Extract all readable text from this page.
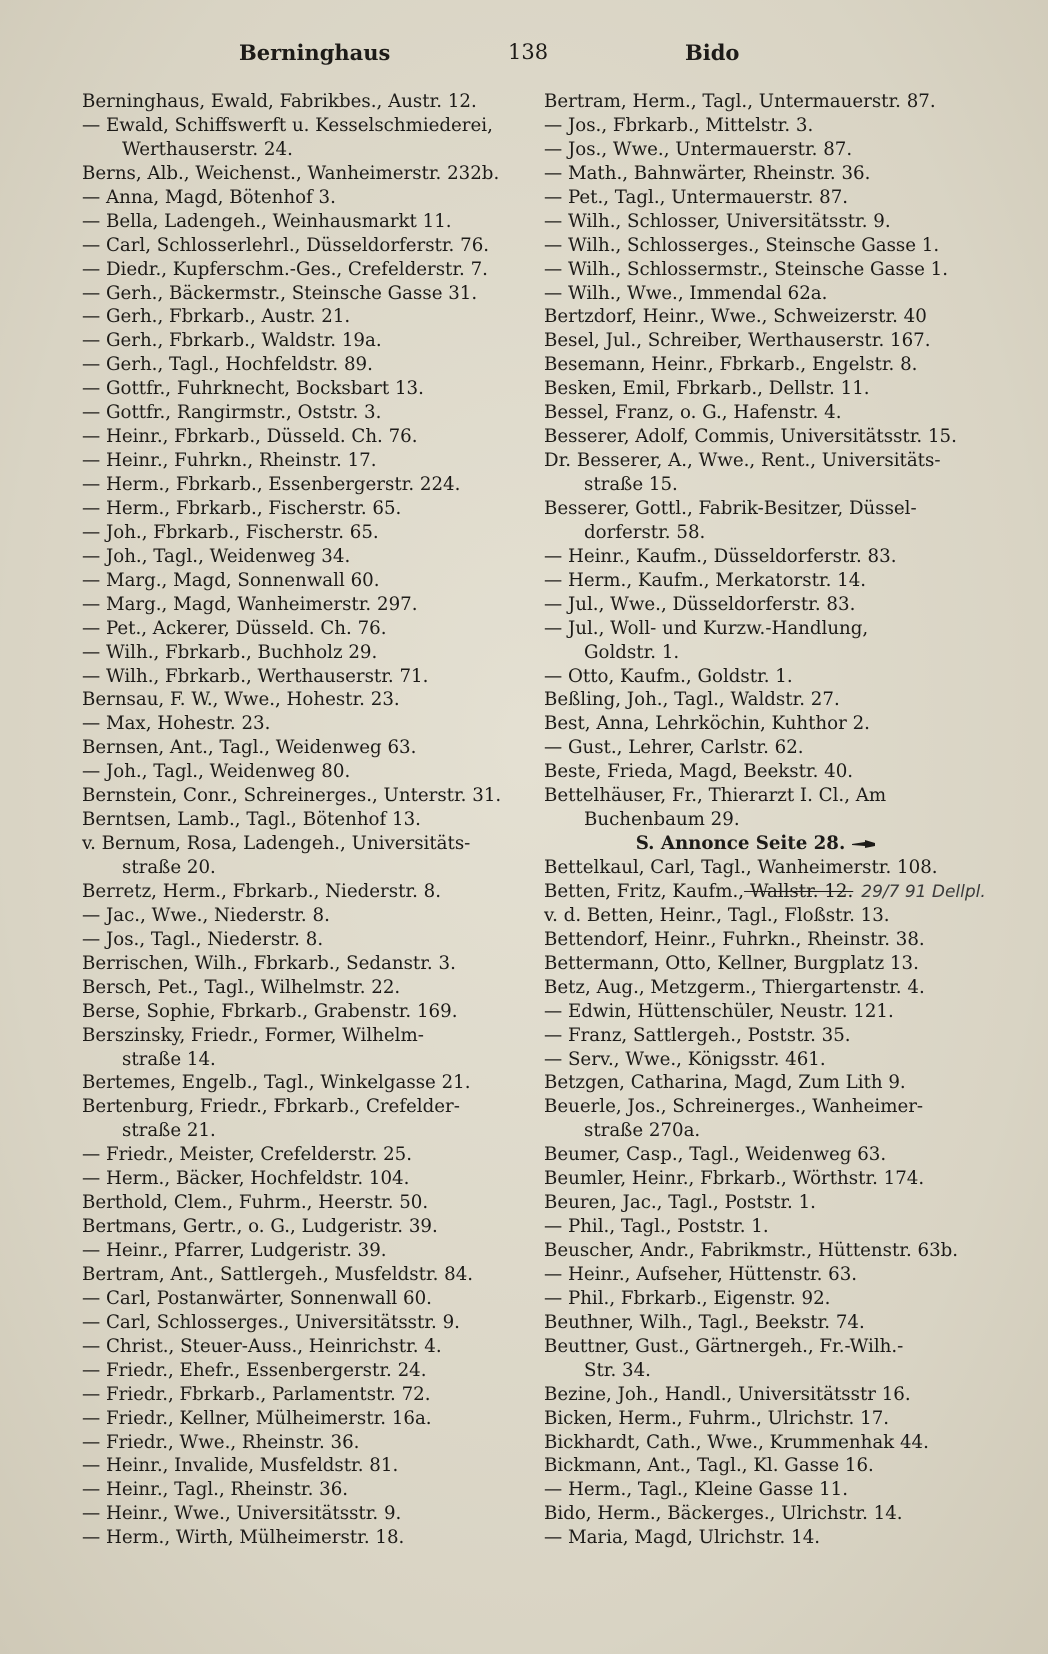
Berninghaus	138	Bido
Berninghaus, Ewald, Fabrikbes., Austr. 12.
— Ewald, Schiffswerft u. Kesselschmiederei,
Werthauserstr. 24.
Berns, Alb., Weichenst., Wanheimerstr. 232b.
— Anna, Magd, Bötenhof 3.
— Bella, Ladengeh., Weinhausmarkt 11.
— Carl, Schlosserlehrl., Düsseldorferstr. 76.
— Diedr., Kupferschm.-Ges., Crefelderstr. 7.
— Gerh., Bäckermstr., Steinsche Gasse 31.
— Gerh., Fbrkarb., Austr. 21.
— Gerh., Fbrkarb., Waldstr. 19a.
— Gerh., Tagl., Hochfeldstr. 89.
— Gottfr., Fuhrknecht, Bocksbart 13.
— Gottfr., Rangirmstr., Oststr. 3.
— Heinr., Fbrkarb., Düsseld. Ch. 76.
— Heinr., Fuhrkn., Rheinstr. 17.
— Herm., Fbrkarb., Essenbergerstr. 224.
— Herm., Fbrkarb., Fischerstr. 65.
— Joh., Fbrkarb., Fischerstr. 65.
— Joh., Tagl., Weidenweg 34.
— Marg., Magd, Sonnenwall 60.
— Marg., Magd, Wanheimerstr. 297.
— Pet., Ackerer, Düsseld. Ch. 76.
— Wilh., Fbrkarb., Buchholz 29.
— Wilh., Fbrkarb., Werthauserstr. 71.
Bernsau, F. W., Wwe., Hohestr. 23.
— Max, Hohestr. 23.
Bernsen, Ant., Tagl., Weidenweg 63.
— Joh., Tagl., Weidenweg 80.
Bernstein, Conr., Schreinerges., Unterstr. 31.
Berntsen, Lamb., Tagl., Bötenhof 13.
v. Bernum, Rosa, Ladengeh., Universitäts-
straße 20.
Berretz, Herm., Fbrkarb., Niederstr. 8.
— Jac., Wwe., Niederstr. 8.
— Jos., Tagl., Niederstr. 8.
Berrischen, Wilh., Fbrkarb., Sedanstr. 3.
Bersch, Pet., Tagl., Wilhelmstr. 22.
Berse, Sophie, Fbrkarb., Grabenstr. 169.
Berszinsky, Friedr., Former, Wilhelm-
straße 14.
Bertemes, Engelb., Tagl., Winkelgasse 21.
Bertenburg, Friedr., Fbrkarb., Crefelder-
straße 21.
— Friedr., Meister, Crefelderstr. 25.
— Herm., Bäcker, Hochfeldstr. 104.
Berthold, Clem., Fuhrm., Heerstr. 50.
Bertmans, Gertr., o. G., Ludgeristr. 39.
— Heinr., Pfarrer, Ludgeristr. 39.
Bertram, Ant., Sattlergeh., Musfeldstr. 84.
— Carl, Postanwärter, Sonnenwall 60.
— Carl, Schlosserges., Universitätsstr. 9.
— Christ., Steuer-Auss., Heinrichstr. 4.
— Friedr., Ehefr., Essenbergerstr. 24.
— Friedr., Fbrkarb., Parlamentstr. 72.
— Friedr., Kellner, Mülheimerstr. 16a.
— Friedr., Wwe., Rheinstr. 36.
— Heinr., Invalide, Musfeldstr. 81.
— Heinr., Tagl., Rheinstr. 36.
— Heinr., Wwe., Universitätsstr. 9.
— Herm., Wirth, Mülheimerstr. 18.
Bertram, Herm., Tagl., Untermauerstr. 87.
— Jos., Fbrkarb., Mittelstr. 3.
— Jos., Wwe., Untermauerstr. 87.
— Math., Bahnwärter, Rheinstr. 36.
— Pet., Tagl., Untermauerstr. 87.
— Wilh., Schlosser, Universitätsstr. 9.
— Wilh., Schlosserges., Steinsche Gasse 1.
— Wilh., Schlossermstr., Steinsche Gasse 1.
— Wilh., Wwe., Immendal 62a.
Bertzdorf, Heinr., Wwe., Schweizerstr. 40
Besel, Jul., Schreiber, Werthauserstr. 167.
Besemann, Heinr., Fbrkarb., Engelstr. 8.
Besken, Emil, Fbrkarb., Dellstr. 11.
Bessel, Franz, o. G., Hafenstr. 4.
Besserer, Adolf, Commis, Universitätsstr. 15.
Dr. Besserer, A., Wwe., Rent., Universitäts-
straße 15.
Besserer, Gottl., Fabrik-Besitzer, Düssel-
dorferstr. 58.
— Heinr., Kaufm., Düsseldorferstr. 83.
— Herm., Kaufm., Merkatorstr. 14.
— Jul., Wwe., Düsseldorferstr. 83.
— Jul., Woll- und Kurzw.-Handlung,
Goldstr. 1.
— Otto, Kaufm., Goldstr. 1.
Beßling, Joh., Tagl., Waldstr. 27.
Best, Anna, Lehrköchin, Kuhthor 2.
— Gust., Lehrer, Carlstr. 62.
Beste, Frieda, Magd, Beekstr. 40.
Bettelhäuser, Fr., Thierarzt I. Cl., Am
Buchenbaum 29.
S. Annonce Seite 28.
Bettelkaul, Carl, Tagl., Wanheimerstr. 108.
Betten, Fritz, Kaufm., Wallstr. 12. 29/7 91 Dellpl.
v. d. Betten, Heinr., Tagl., Floßstr. 13.
Bettendorf, Heinr., Fuhrkn., Rheinstr. 38.
Bettermann, Otto, Kellner, Burgplatz 13.
Betz, Aug., Metzgerm., Thiergartenstr. 4.
— Edwin, Hüttenschüler, Neustr. 121.
— Franz, Sattlergeh., Poststr. 35.
— Serv., Wwe., Königsstr. 461.
Betzgen, Catharina, Magd, Zum Lith 9.
Beuerle, Jos., Schreinerges., Wanheimer-
straße 270a.
Beumer, Casp., Tagl., Weidenweg 63.
Beumler, Heinr., Fbrkarb., Wörthstr. 174.
Beuren, Jac., Tagl., Poststr. 1.
— Phil., Tagl., Poststr. 1.
Beuscher, Andr., Fabrikmstr., Hüttenstr. 63b.
— Heinr., Aufseher, Hüttenstr. 63.
— Phil., Fbrkarb., Eigenstr. 92.
Beuthner, Wilh., Tagl., Beekstr. 74.
Beuttner, Gust., Gärtnergeh., Fr.-Wilh.-
Str. 34.
Bezine, Joh., Handl., Universitätsstr 16.
Bicken, Herm., Fuhrm., Ulrichstr. 17.
Bickhardt, Cath., Wwe., Krummenhak 44.
Bickmann, Ant., Tagl., Kl. Gasse 16.
— Herm., Tagl., Kleine Gasse 11.
Bido, Herm., Bäckerges., Ulrichstr. 14.
— Maria, Magd, Ulrichstr. 14.
